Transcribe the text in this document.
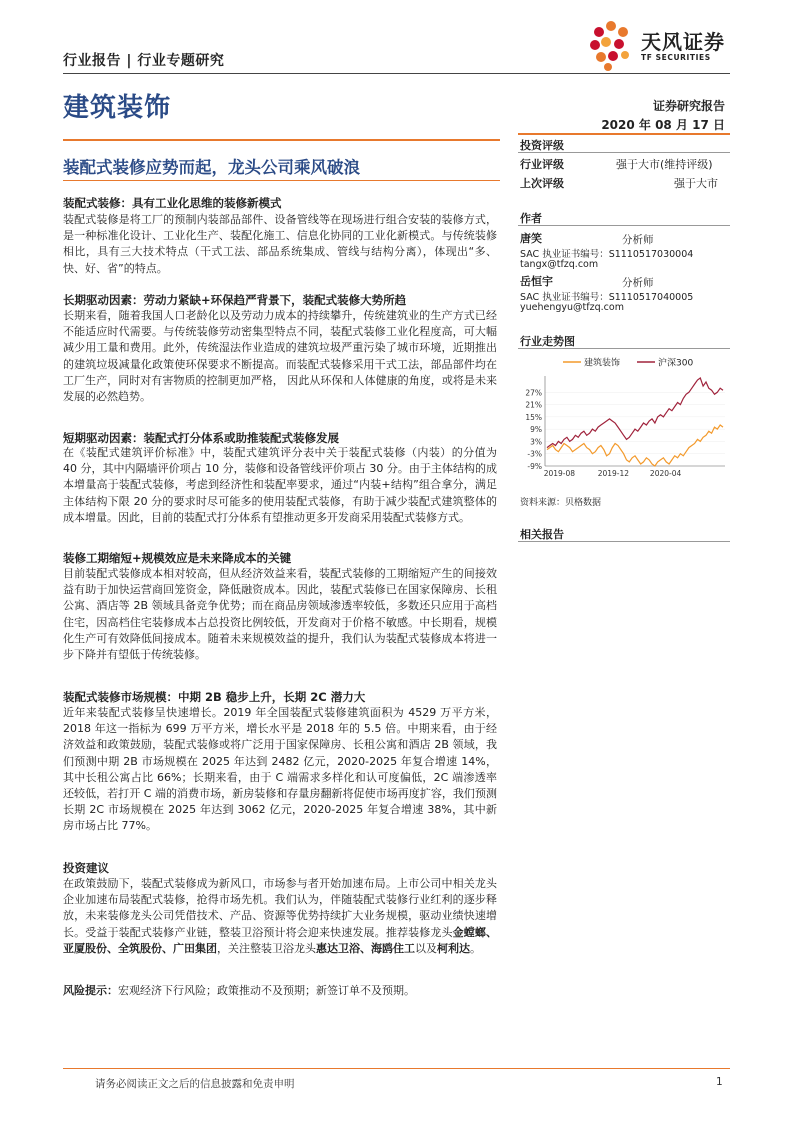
行业报告 | 行业专题研究
天风证券
TF SECURITIES
建筑装饰	证券研究报告
2020 年 08 月 17 日
装配式装修应势而起，龙头公司乘风破浪
装配式装修：具有工业化思维的装修新模式
装配式装修是将工厂的预制内装部品部件、设备管线等在现场进行组合安装的装修方式，是一种标准化设计、工业化生产、装配化施工、信息化协同的工业化新模式。与传统装修相比，具有三大技术特点（干式工法、部品系统集成、管线与结构分离），体现出“多、快、好、省”的特点。
长期驱动因素：劳动力紧缺+环保趋严背景下，装配式装修大势所趋
长期来看，随着我国人口老龄化以及劳动力成本的持续攀升，传统建筑业的生产方式已经不能适应时代需要。与传统装修劳动密集型特点不同，装配式装修工业化程度高，可大幅减少用工量和费用。此外，传统湿法作业造成的建筑垃圾严重污染了城市环境，近期推出的建筑垃圾减量化政策使环保要求不断提高。而装配式装修采用干式工法，部品部件均在工厂生产，同时对有害物质的控制更加严格， 因此从环保和人体健康的角度，或将是未来发展的必然趋势。
短期驱动因素：装配式打分体系或助推装配式装修发展
在《装配式建筑评价标准》中，装配式建筑评分表中关于装配式装修（内装）的分值为 40 分，其中内隔墙评价项占 10 分，装修和设备管线评价项占 30 分。由于主体结构的成本增量高于装配式装修，考虑到经济性和装配率要求，通过“内装+结构”组合拿分，满足主体结构下限 20 分的要求时尽可能多的使用装配式装修，有助于减少装配式建筑整体的成本增量。因此，目前的装配式打分体系有望推动更多开发商采用装配式装修方式。
装修工期缩短+规模效应是未来降成本的关键
目前装配式装修成本相对较高，但从经济效益来看，装配式装修的工期缩短产生的间接效益有助于加快运营商回笼资金，降低融资成本。因此，装配式装修已在国家保障房、长租公寓、酒店等 2B 领域具备竞争优势；而在商品房领域渗透率较低，多数还只应用于高档住宅，因高档住宅装修成本占总投资比例较低，开发商对于价格不敏感。中长期看，规模化生产可有效降低间接成本。随着未来规模效益的提升，我们认为装配式装修成本将进一步下降并有望低于传统装修。
装配式装修市场规模：中期 2B 稳步上升，长期 2C 潜力大
近年来装配式装修呈快速增长。2019 年全国装配式装修建筑面积为 4529 万平方米，2018 年这一指标为 699 万平方米，增长水平是 2018 年的 5.5 倍。中期来看，由于经济效益和政策鼓励，装配式装修或将广泛用于国家保障房、长租公寓和酒店 2B 领域，我们预测中期 2B 市场规模在 2025 年达到 2482 亿元，2020-2025 年复合增速 14%，其中长租公寓占比 66%；长期来看，由于 C 端需求多样化和认可度偏低，2C 端渗透率还较低，若打开 C 端的消费市场，新房装修和存量房翻新将促使市场再度扩容，我们预测长期 2C 市场规模在 2025 年达到 3062 亿元，2020-2025 年复合增速 38%，其中新房市场占比 77%。
投资建议
在政策鼓励下，装配式装修成为新风口，市场参与者开始加速布局。上市公司中相关龙头企业加速布局装配式装修，抢得市场先机。我们认为，伴随装配式装修行业红利的逐步释放，未来装修龙头公司凭借技术、产品、资源等优势持续扩大业务规模，驱动业绩快速增长。受益于装配式装修产业链，整装卫浴预计将会迎来快速发展。推荐装修龙头金螳螂、亚厦股份、全筑股份、广田集团，关注整装卫浴龙头惠达卫浴、海鸥住工以及柯利达。
风险提示：宏观经济下行风险；政策推动不及预期；新签订单不及预期。
投资评级
行业评级	强于大市(维持评级)
上次评级	强于大市
作者
唐笑	分析师
SAC 执业证书编号：S1110517030004
tangx@tfzq.com
岳恒宇	分析师
SAC 执业证书编号：S1110517040005
yuehengyu@tfzq.com
行业走势图
建筑装饰	沪深300
27%
21%
15%
9%
3%
-3%
-9%
2019-08	2019-12	2020-04
资料来源：贝格数据
相关报告
请务必阅读正文之后的信息披露和免责申明	1
